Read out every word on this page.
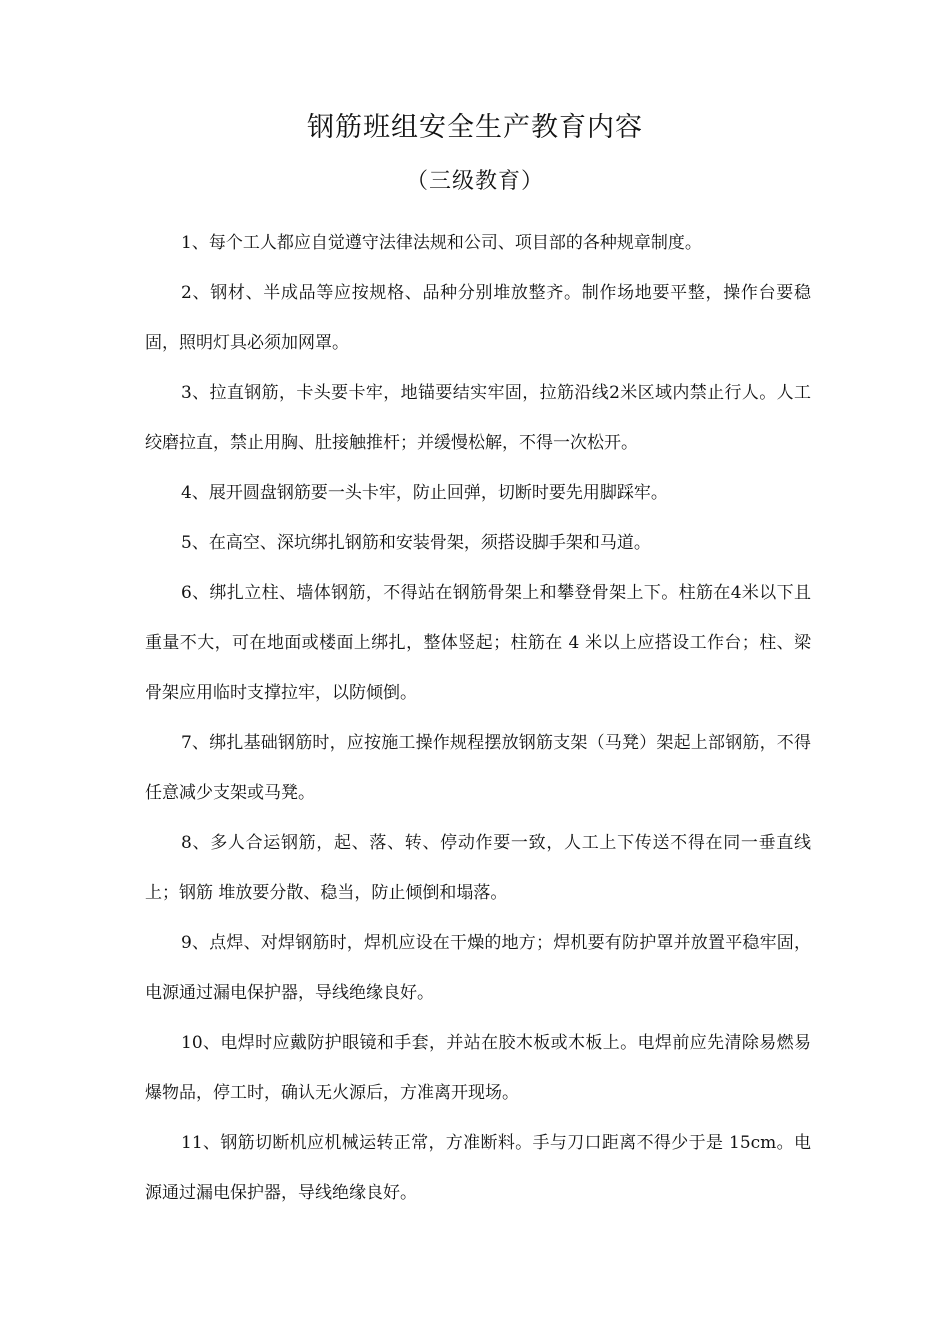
钢筋班组安全生产教育内容
（三级教育）

1、每个工人都应自觉遵守法律法规和公司、项目部的各种规章制度。

2、钢材、半成品等应按规格、品种分别堆放整齐。制作场地要平整，操作台要稳固，照明灯具必须加网罩。

3、拉直钢筋，卡头要卡牢，地锚要结实牢固，拉筋沿线2米区域内禁止行人。人工绞磨拉直，禁止用胸、肚接触推杆；并缓慢松解，不得一次松开。

4、展开圆盘钢筋要一头卡牢，防止回弹，切断时要先用脚踩牢。

5、在高空、深坑绑扎钢筋和安装骨架，须搭设脚手架和马道。

6、绑扎立柱、墙体钢筋，不得站在钢筋骨架上和攀登骨架上下。柱筋在4米以下且重量不大，可在地面或楼面上绑扎，整体竖起；柱筋在 4 米以上应搭设工作台；柱、梁骨架应用临时支撑拉牢，以防倾倒。

7、绑扎基础钢筋时，应按施工操作规程摆放钢筋支架（马凳）架起上部钢筋，不得任意减少支架或马凳。

8、多人合运钢筋，起、落、转、停动作要一致，人工上下传送不得在同一垂直线上；钢筋 堆放要分散、稳当，防止倾倒和塌落。

9、点焊、对焊钢筋时，焊机应设在干燥的地方；焊机要有防护罩并放置平稳牢固，电源通过漏电保护器，导线绝缘良好。

10、电焊时应戴防护眼镜和手套，并站在胶木板或木板上。电焊前应先清除易燃易爆物品，停工时，确认无火源后，方准离开现场。

11、钢筋切断机应机械运转正常，方准断料。手与刀口距离不得少于是 15cm。电源通过漏电保护器，导线绝缘良好。
